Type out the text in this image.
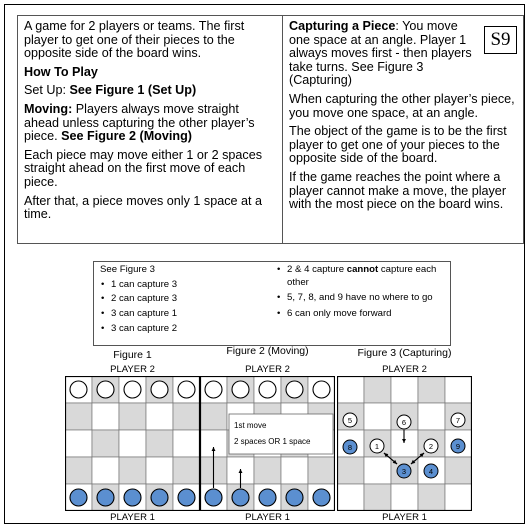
A game for 2 players or teams. The first player to get one of their pieces to the opposite side of the board wins.

How To Play

Set Up: See Figure 1 (Set Up)

Moving: Players always move straight ahead unless capturing the other player’s piece. See Figure 2 (Moving)

Each piece may move either 1 or 2 spaces straight ahead on the first move of each piece.

After that, a piece moves only 1 space at a time.

Capturing a Piece: You move one space at an angle. Player 1 always moves first - then players take turns. See Figure 3 (Capturing)

When capturing the other player’s piece, you move one space, at an angle.

The object of the game is to be the first player to get one of your pieces to the opposite side of the board.

If the game reaches the point where a player cannot make a move, the player with the most piece on the board wins.

S9
See Figure 3
• 1 can capture 3
• 2 can capture 3
• 3 can capture 1
• 3 can capture 2
• 2 & 4 capture cannot capture each other
• 5, 7, 8, and 9 have no where to go
• 6 can only move forward
Figure 1	Figure 2 (Moving)	Figure 3 (Capturing)
PLAYER 2	PLAYER 2	PLAYER 2
1st move
2 spaces OR 1 space
5	6	7
8	1	2	9
3	4
PLAYER 1	PLAYER 1	PLAYER 1
